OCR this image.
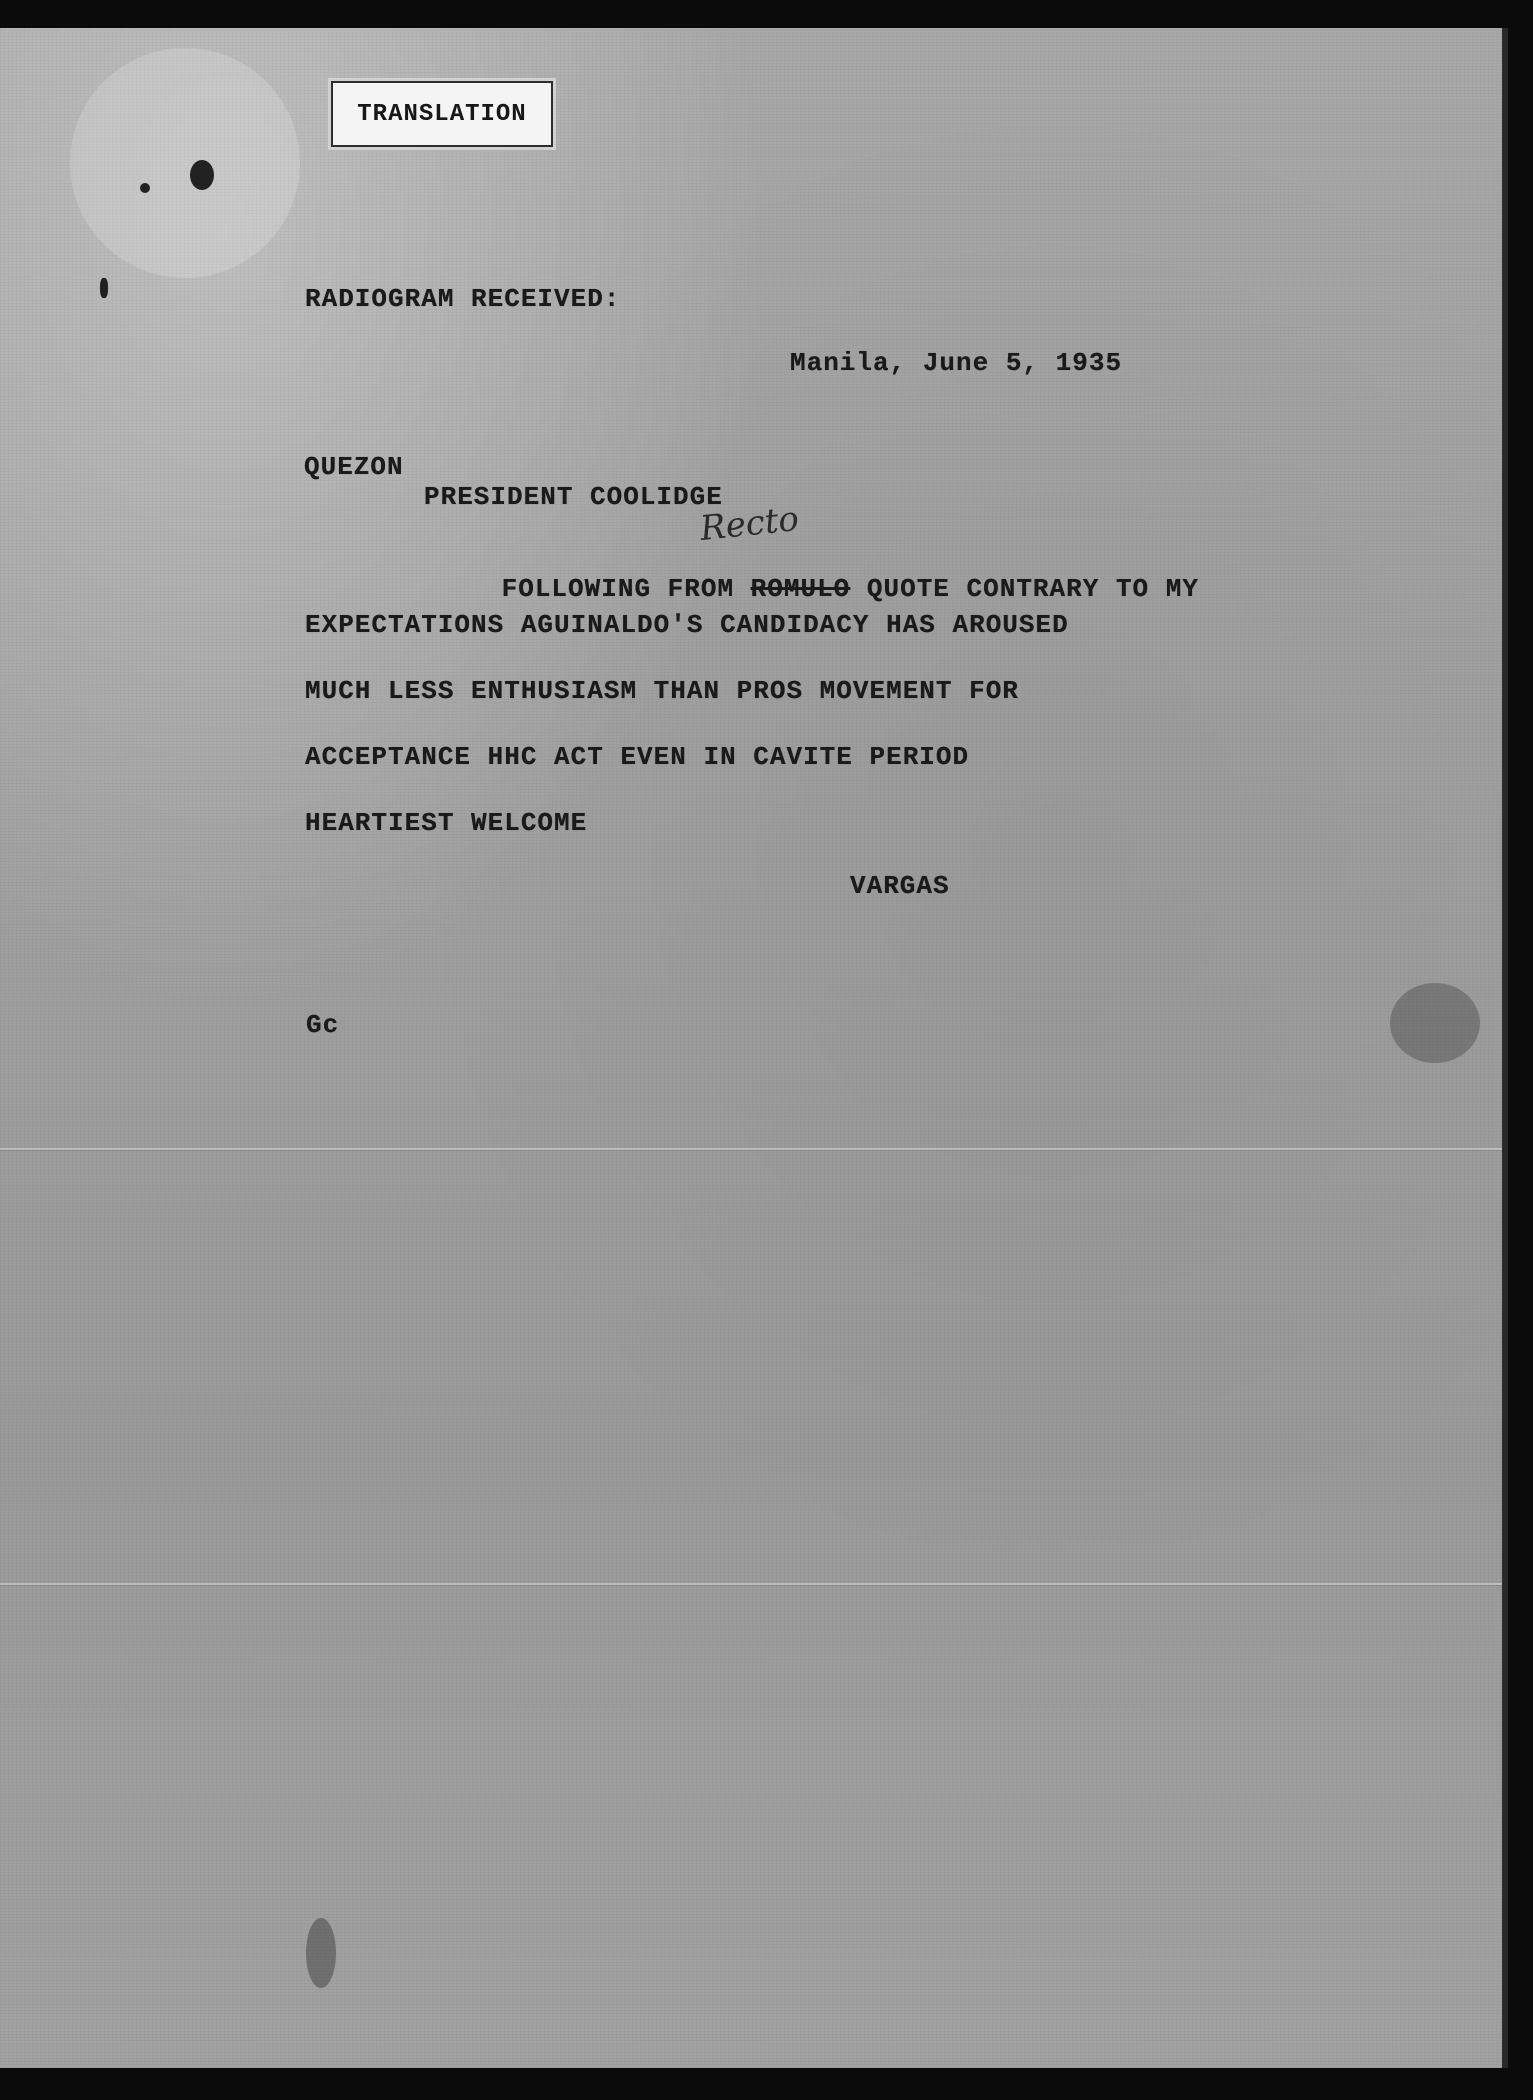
TRANSLATION
RADIOGRAM RECEIVED:
Manila, June 5, 1935
QUEZON
PRESIDENT COOLIDGE
Recto

FOLLOWING FROM ROMULO QUOTE CONTRARY TO MY

EXPECTATIONS AGUINALDO'S CANDIDACY HAS AROUSED
MUCH LESS ENTHUSIASM THAN PROS MOVEMENT FOR
ACCEPTANCE HHC ACT EVEN IN CAVITE PERIOD
HEARTIEST WELCOME
VARGAS
Gc
